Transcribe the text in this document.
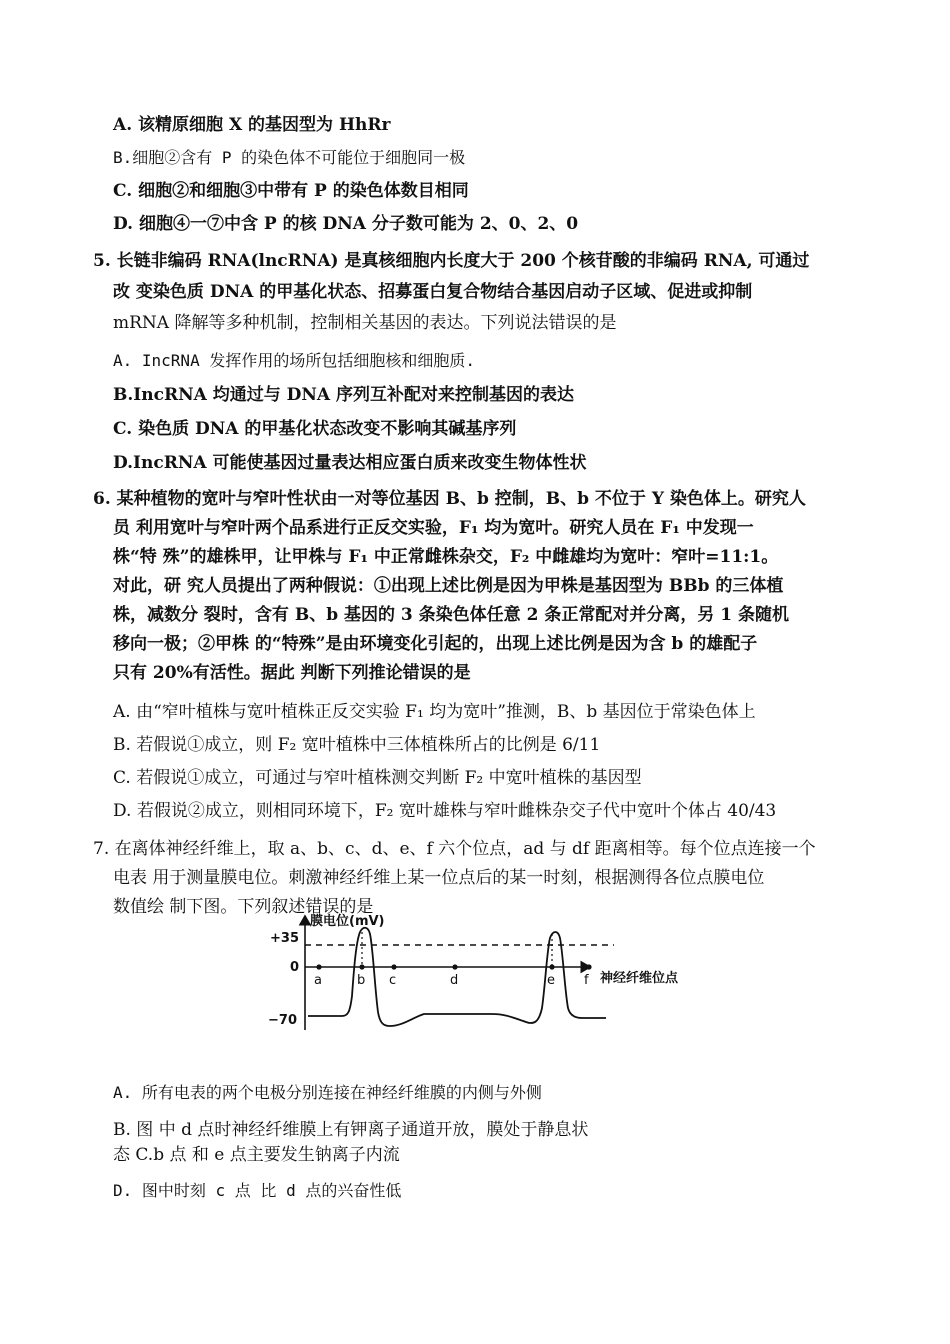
A. 该精原细胞 X 的基因型为 HhRr
B.细胞②含有 P 的染色体不可能位于细胞同一极
C. 细胞②和细胞③中带有 P 的染色体数目相同
D. 细胞④一⑦中含 P 的核 DNA 分子数可能为 2、0、2、0
5. 长链非编码 RNA(lncRNA) 是真核细胞内长度大于 200 个核苷酸的非编码 RNA, 可通过
改 变染色质 DNA 的甲基化状态、招募蛋白复合物结合基因启动子区域、促进或抑制
mRNA 降解等多种机制，控制相关基因的表达。下列说法错误的是
A. IncRNA 发挥作用的场所包括细胞核和细胞质.
B.IncRNA 均通过与 DNA 序列互补配对来控制基因的表达
C. 染色质 DNA 的甲基化状态改变不影响其碱基序列
D.IncRNA 可能使基因过量表达相应蛋白质来改变生物体性状
6. 某种植物的宽叶与窄叶性状由一对等位基因 B、b 控制，B、b 不位于 Y 染色体上。研究人
员 利用宽叶与窄叶两个品系进行正反交实验，F₁ 均为宽叶。研究人员在 F₁ 中发现一
株“特 殊”的雄株甲，让甲株与 F₁ 中正常雌株杂交，F₂ 中雌雄均为宽叶：窄叶=11:1。
对此，研 究人员提出了两种假说：①出现上述比例是因为甲株是基因型为 BBb 的三体植
株，减数分 裂时，含有 B、b 基因的 3 条染色体任意 2 条正常配对并分离，另 1 条随机
移向一极；②甲株 的“特殊”是由环境变化引起的，出现上述比例是因为含 b 的雄配子
只有 20%有活性。据此 判断下列推论错误的是
A. 由“窄叶植株与宽叶植株正反交实验 F₁ 均为宽叶”推测，B、b 基因位于常染色体上
B. 若假说①成立，则 F₂ 宽叶植株中三体植株所占的比例是 6/11
C. 若假说①成立，可通过与窄叶植株测交判断 F₂ 中宽叶植株的基因型
D. 若假说②成立，则相同环境下，F₂ 宽叶雄株与窄叶雌株杂交子代中宽叶个体占 40/43
7. 在离体神经纤维上，取 a、b、c、d、e、f 六个位点，ad 与 df 距离相等。每个位点连接一个
电表 用于测量膜电位。刺激神经纤维上某一位点后的某一时刻，根据测得各位点膜电位
数值绘 制下图。下列叙述错误的是
膜电位(mV)
神经纤维位点
+35
0
−70
a	b c	d	e f
A. 所有电表的两个电极分别连接在神经纤维膜的内侧与外侧
B. 图 中 d 点时神经纤维膜上有钾离子通道开放，膜处于静息状
态 C.b 点 和 e 点主要发生钠离子内流
D. 图中时刻 c 点 比 d 点的兴奋性低
